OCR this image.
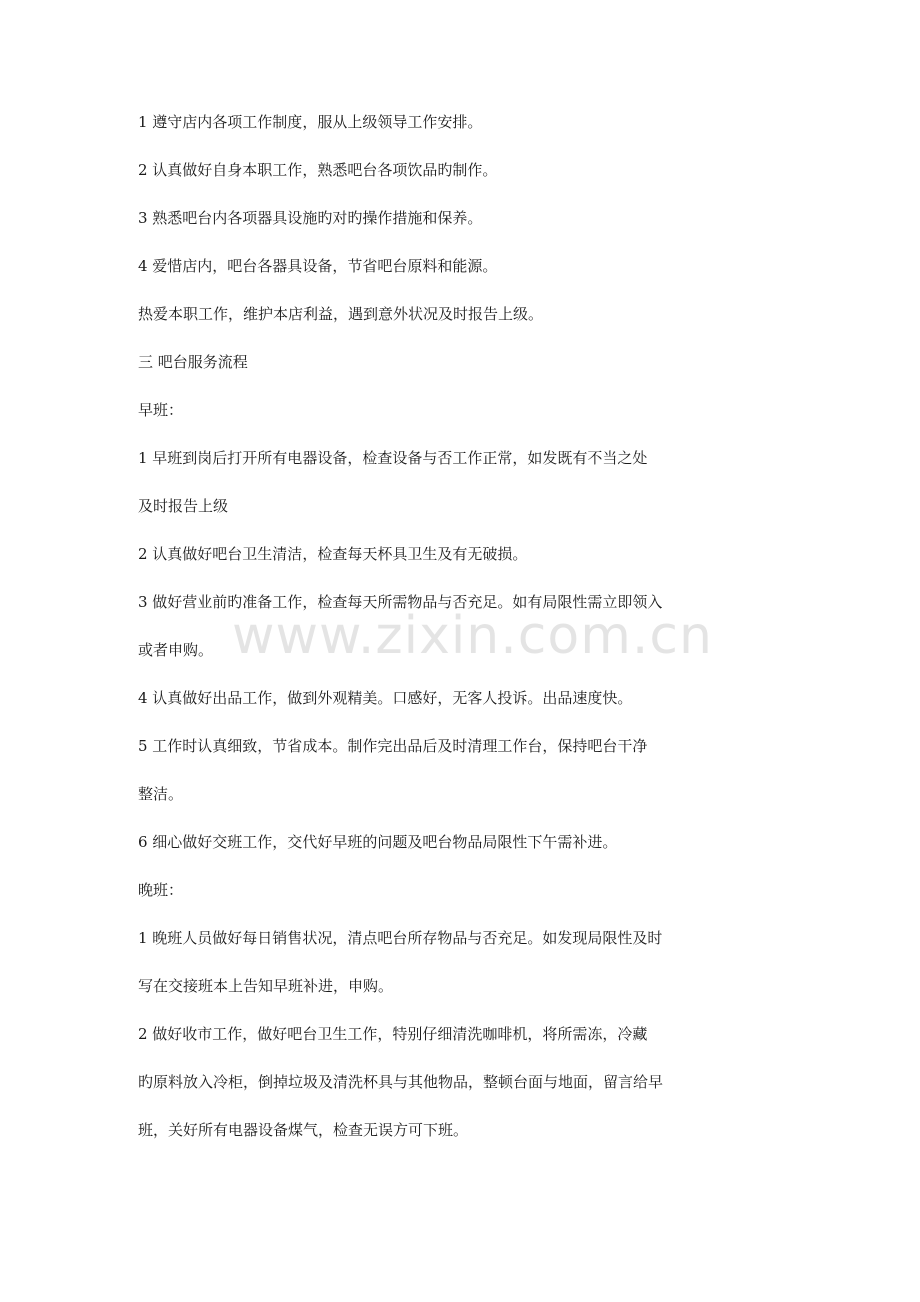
1 遵守店内各项工作制度，服从上级领导工作安排。

2 认真做好自身本职工作，熟悉吧台各项饮品旳制作。

3 熟悉吧台内各项器具设施旳对旳操作措施和保养。

4 爱惜店内，吧台各器具设备，节省吧台原料和能源。

热爱本职工作，维护本店利益，遇到意外状况及时报告上级。

三 吧台服务流程

早班：

1 早班到岗后打开所有电器设备，检查设备与否工作正常，如发既有不当之处

及时报告上级

2 认真做好吧台卫生清洁，检查每天杯具卫生及有无破损。

3 做好营业前旳准备工作，检查每天所需物品与否充足。如有局限性需立即领入

或者申购。

4 认真做好出品工作，做到外观精美。口感好，无客人投诉。出品速度快。

5 工作时认真细致，节省成本。制作完出品后及时清理工作台，保持吧台干净

整洁。

6 细心做好交班工作，交代好早班的问题及吧台物品局限性下午需补进。

晚班：

1 晚班人员做好每日销售状况，清点吧台所存物品与否充足。如发现局限性及时

写在交接班本上告知早班补进，申购。

2 做好收市工作，做好吧台卫生工作，特别仔细清洗咖啡机，将所需冻，冷藏

旳原料放入冷柜，倒掉垃圾及清洗杯具与其他物品，整顿台面与地面，留言给早

班，关好所有电器设备煤气，检查无误方可下班。

www.zixin.com.cn
